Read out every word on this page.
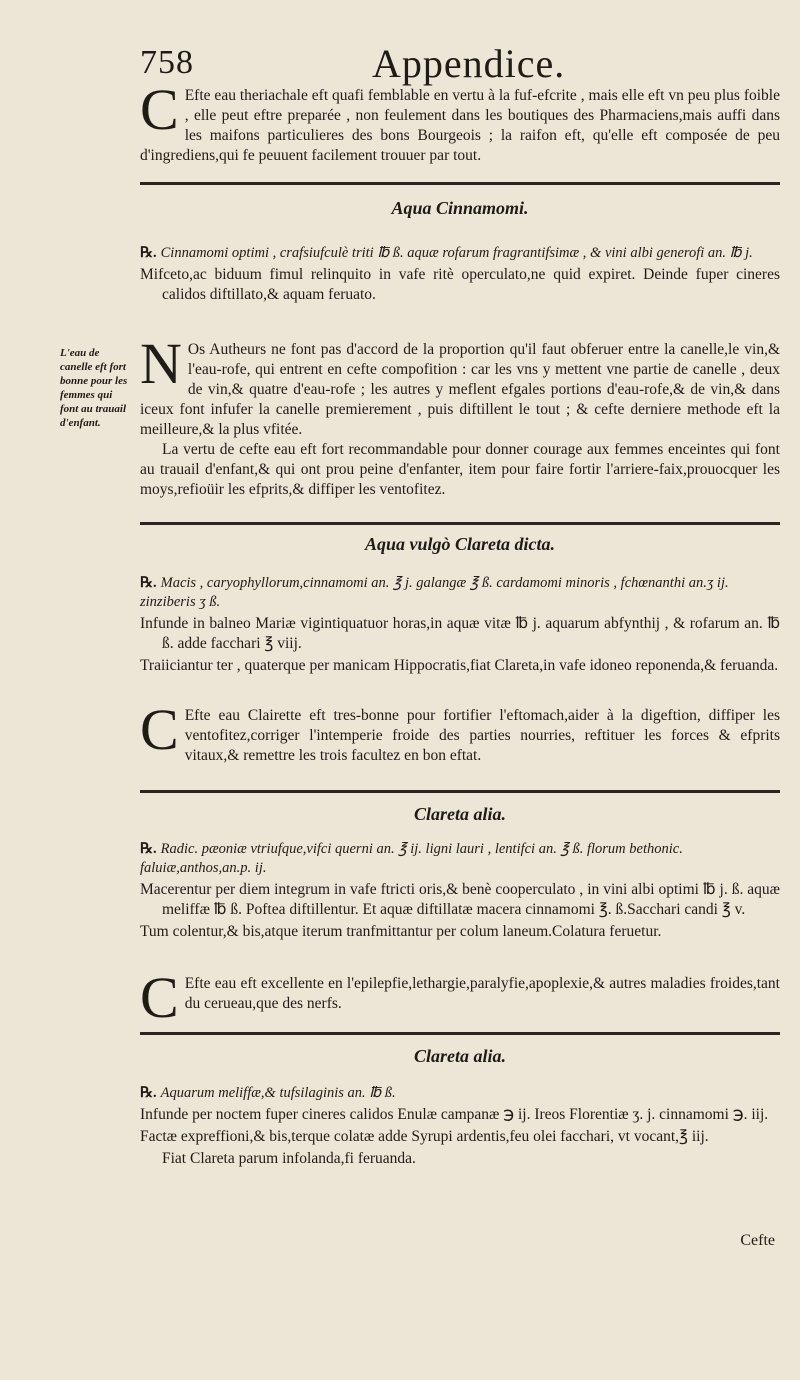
758	Appendice.

C Efte eau theriachale eft quafi femblable en vertu à la fuf-efcrite , mais elle eft vn peu plus foible , elle peut eftre preparée , non feulement dans les boutiques des Pharmaciens,mais auffi dans les maifons particulieres des bons Bourgeois ; la raifon eft, qu'elle eft composée de peu d'ingrediens,qui fe peuuent facilement trouuer par tout.

Aqua Cinnamomi.

℞. Cinnamomi optimi , crafsiufculè triti ℔ ß. aquæ rofarum fragrantifsimæ , & vini albi generofi an. ℔ j.

Mifceto,ac biduum fimul relinquito in vafe ritè operculato,ne quid expiret. Deinde fuper cineres calidos diftillato,& aquam feruato.

L'eau de canelle eft fort bonne pour les femmes qui font au trauail d'enfant.

N Os Autheurs ne font pas d'accord de la proportion qu'il faut obferuer entre la canelle,le vin,& l'eau-rofe, qui entrent en cefte compofition : car les vns y mettent vne partie de canelle , deux de vin,& quatre d'eau-rofe ; les autres y meflent efgales portions d'eau-rofe,& de vin,& dans iceux font infufer la canelle premierement , puis diftillent le tout ; & cefte derniere methode eft la meilleure,& la plus vfitée.

La vertu de cefte eau eft fort recommandable pour donner courage aux femmes enceintes qui font au trauail d'enfant,& qui ont prou peine d'enfanter, item pour faire fortir l'arriere-faix,prouocquer les moys,refioüir les efprits,& diffiper les ventofitez.

Aqua vulgò Clareta dicta.

℞. Macis , caryophyllorum,cinnamomi an. ℥ j. galangæ ℥ ß. cardamomi minoris , fchœnanthi an.ʒ ij. zinziberis ʒ ß.

Infunde in balneo Mariæ vigintiquatuor horas,in aquæ vitæ ℔ j. aquarum abfynthij , & rofarum an. ℔ ß. adde facchari ℥ viij.

Traiiciantur ter , quaterque per manicam Hippocratis,fiat Clareta,in vafe idoneo reponenda,& feruanda.

C Efte eau Clairette eft tres-bonne pour fortifier l'eftomach,aider à la digeftion, diffiper les ventofitez,corriger l'intemperie froide des parties nourries, reftituer les forces & efprits vitaux,& remettre les trois facultez en bon eftat.

Clareta alia.

℞. Radic. pæoniæ vtriufque,vifci querni an. ℥ ij. ligni lauri , lentifci an. ℥ ß. florum bethonic. faluiæ,anthos,an.p. ij.

Macerentur per diem integrum in vafe ftricti oris,& benè cooperculato , in vini albi optimi ℔ j. ß. aquæ meliffæ ℔ ß. Poftea diftillentur. Et aquæ diftillatæ macera cinnamomi ℥. ß.Sacchari candi ℥ v.

Tum colentur,& bis,atque iterum tranfmittantur per colum laneum.Colatura feruetur.

C Efte eau eft excellente en l'epilepfie,lethargie,paralyfie,apoplexie,& autres maladies froides,tant du cerueau,que des nerfs.

Clareta alia.

℞. Aquarum meliffæ,& tufsilaginis an. ℔ ß.

Infunde per noctem fuper cineres calidos Enulæ campanæ ℈ ij. Ireos Florentiæ ʒ. j. cinnamomi ℈. iij.

Factæ expreffioni,& bis,terque colatæ adde Syrupi ardentis,feu olei facchari, vt vocant,℥ iij.

Fiat Clareta parum infolanda,fi feruanda.

Cefte
